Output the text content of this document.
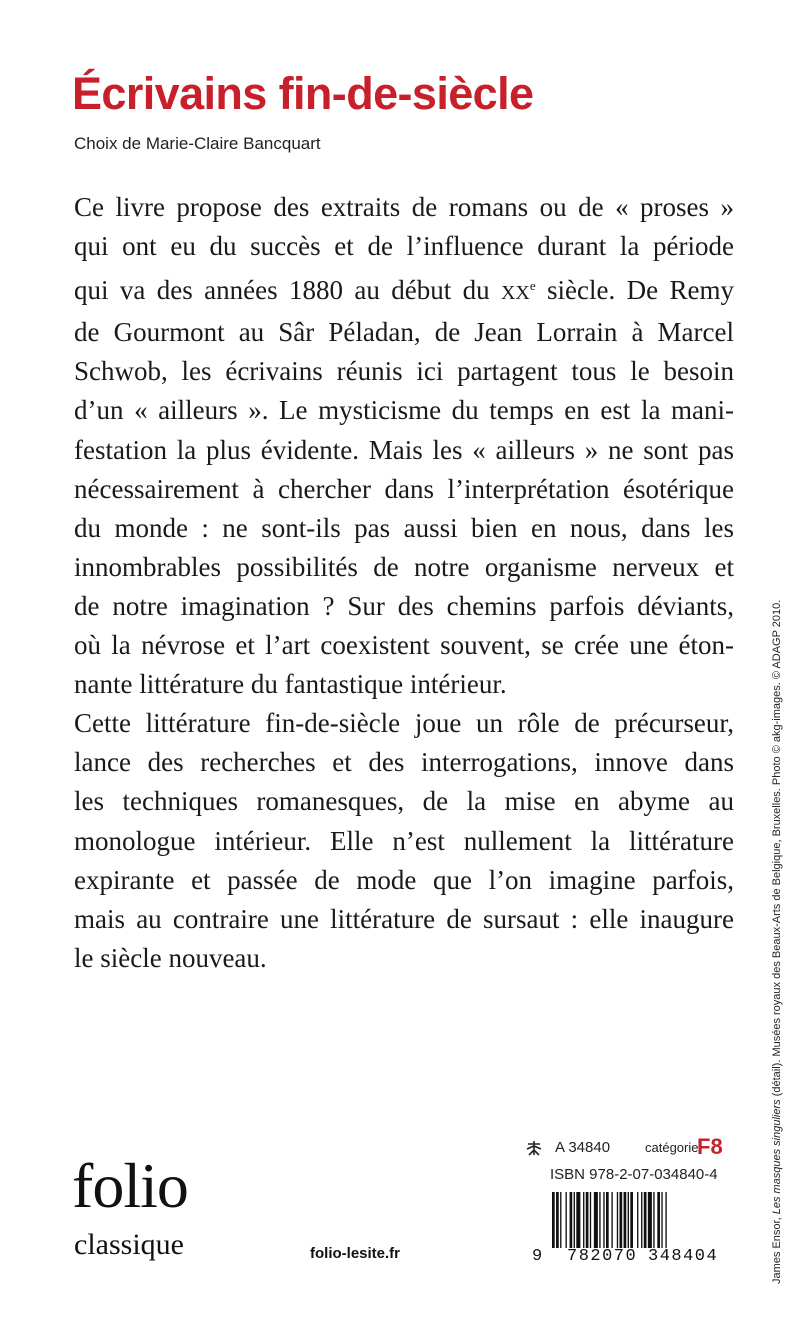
Écrivains fin-de-siècle
Choix de Marie-Claire Bancquart

Ce livre propose des extraits de romans ou de « proses »
qui ont eu du succès et de l’influence durant la période
qui va des années 1880 au début du XXe siècle. De Remy
de Gourmont au Sâr Péladan, de Jean Lorrain à Marcel
Schwob, les écrivains réunis ici partagent tous le besoin
d’un « ailleurs ». Le mysticisme du temps en est la mani-
festation la plus évidente. Mais les « ailleurs » ne sont pas
nécessairement à chercher dans l’interprétation ésotérique
du monde : ne sont-ils pas aussi bien en nous, dans les
innombrables possibilités de notre organisme nerveux et
de notre imagination ? Sur des chemins parfois déviants,
où la névrose et l’art coexistent souvent, se crée une éton-
nante littérature du fantastique intérieur.

Cette littérature fin-de-siècle joue un rôle de précurseur,
lance des recherches et des interrogations, innove dans
les techniques romanesques, de la mise en abyme au
monologue intérieur. Elle n’est nullement la littérature
expirante et passée de mode que l’on imagine parfois,
mais au contraire une littérature de sursaut : elle inaugure
le siècle nouveau.

James Ensor, Les masques singuliers (détail). Musées royaux des Beaux-Arts de Belgique, Bruxelles. Photo © akg-images. © ADAGP 2010.
folio
classique	folio-lesite.fr
A 34840	catégorie
F8
ISBN 978-2-07-034840-4
9 782070 348404
